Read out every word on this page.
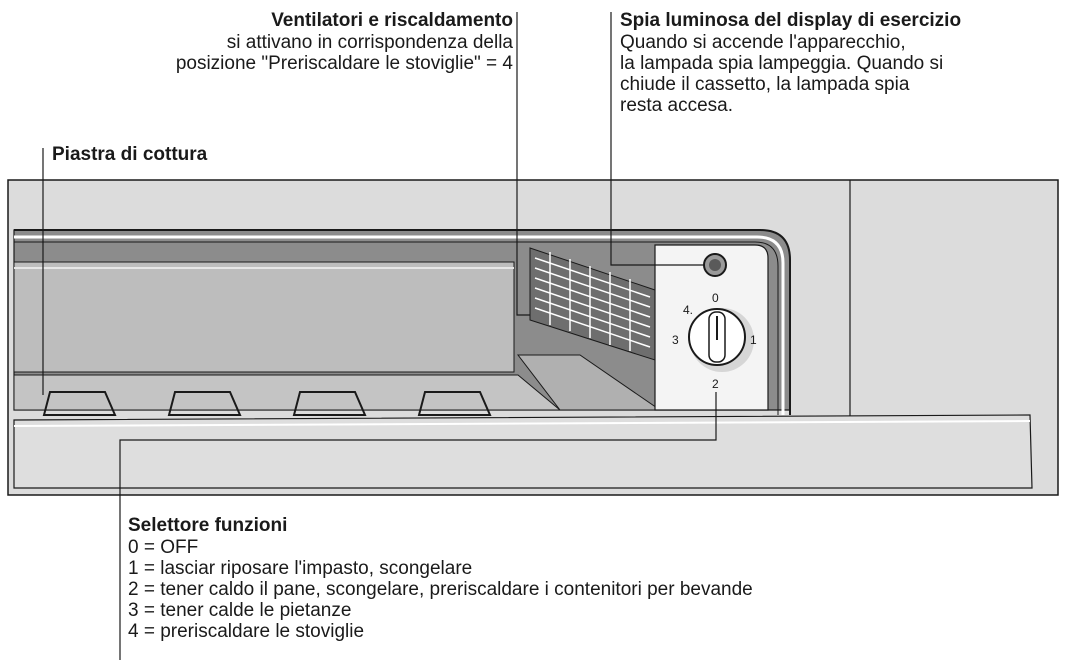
0
1
2
3
4.
Ventilatori e riscaldamento
si attivano in corrispondenza della
posizione "Preriscaldare le stoviglie" = 4
Spia luminosa del display di esercizio
Quando si accende l'apparecchio,
la lampada spia lampeggia. Quando si
chiude il cassetto, la lampada spia
resta accesa.
Piastra di cottura
Selettore funzioni
0 = OFF
1 = lasciar riposare l'impasto, scongelare
2 = tener caldo il pane, scongelare, preriscaldare i contenitori per bevande
3 = tener calde le pietanze
4 = preriscaldare le stoviglie
